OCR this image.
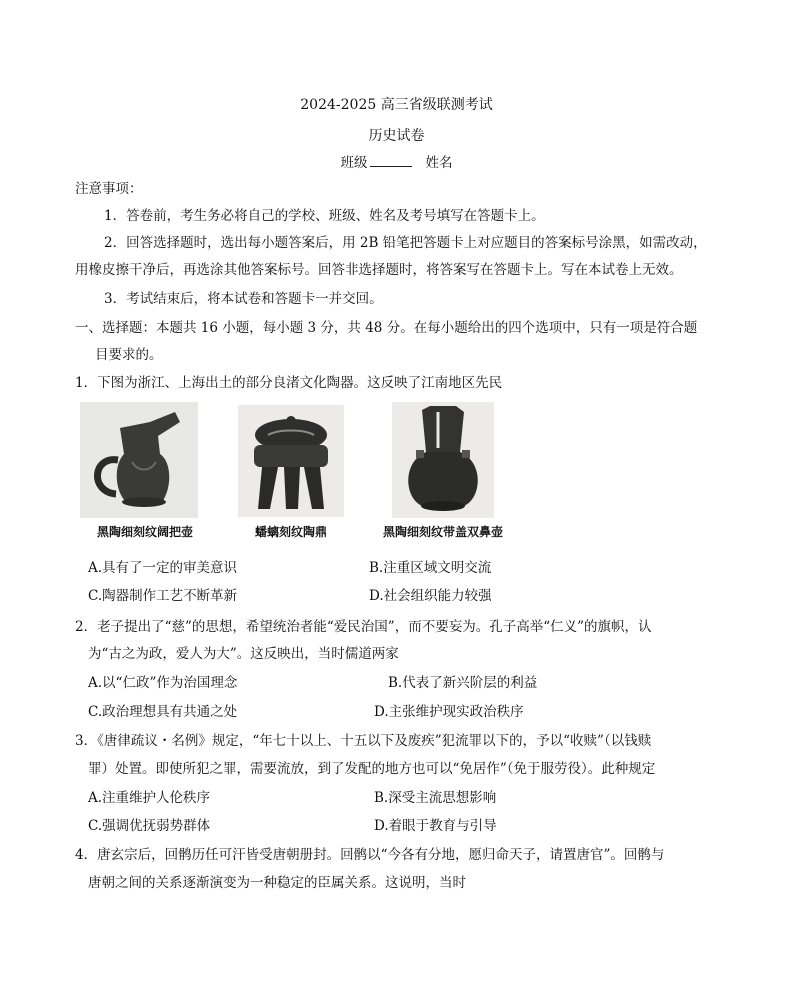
2024-2025 高三省级联测考试
历史试卷
班级	姓名
注意事项：
1．答卷前，考生务必将自己的学校、班级、姓名及考号填写在答题卡上。
2．回答选择题时，选出每小题答案后，用 2B 铅笔把答题卡上对应题目的答案标号涂黑，如需改动，
用橡皮擦干净后，再选涂其他答案标号。回答非选择题时，将答案写在答题卡上。写在本试卷上无效。
3．考试结束后，将本试卷和答题卡一并交回。
一、选择题：本题共 16 小题，每小题 3 分，共 48 分。在每小题给出的四个选项中，只有一项是符合题
目要求的。
1．下图为浙江、上海出土的部分良渚文化陶器。这反映了江南地区先民
黑陶细刻纹阔把壶	蟠螭刻纹陶鼎	黑陶细刻纹带盖双鼻壶
A.具有了一定的审美意识	B.注重区域文明交流
C.陶器制作工艺不断革新	D.社会组织能力较强
2．老子提出了“慈”的思想，希望统治者能“爱民治国”，而不要妄为。孔子高举“仁义”的旗帜，认
为“古之为政，爱人为大”。这反映出，当时儒道两家
A.以“仁政”作为治国理念	B.代表了新兴阶层的利益
C.政治理想具有共通之处	D.主张维护现实政治秩序
3．《唐律疏议・名例》规定，“年七十以上、十五以下及废疾”犯流罪以下的，予以“收赎”（以钱赎
罪）处置。即使所犯之罪，需要流放，到了发配的地方也可以“免居作”（免于服劳役）。此种规定
A.注重维护人伦秩序	B.深受主流思想影响
C.强调优抚弱势群体	D.着眼于教育与引导
4．唐玄宗后，回鹘历任可汗皆受唐朝册封。回鹘以“今各有分地，愿归命天子，请置唐官”。回鹘与
唐朝之间的关系逐渐演变为一种稳定的臣属关系。这说明，当时
